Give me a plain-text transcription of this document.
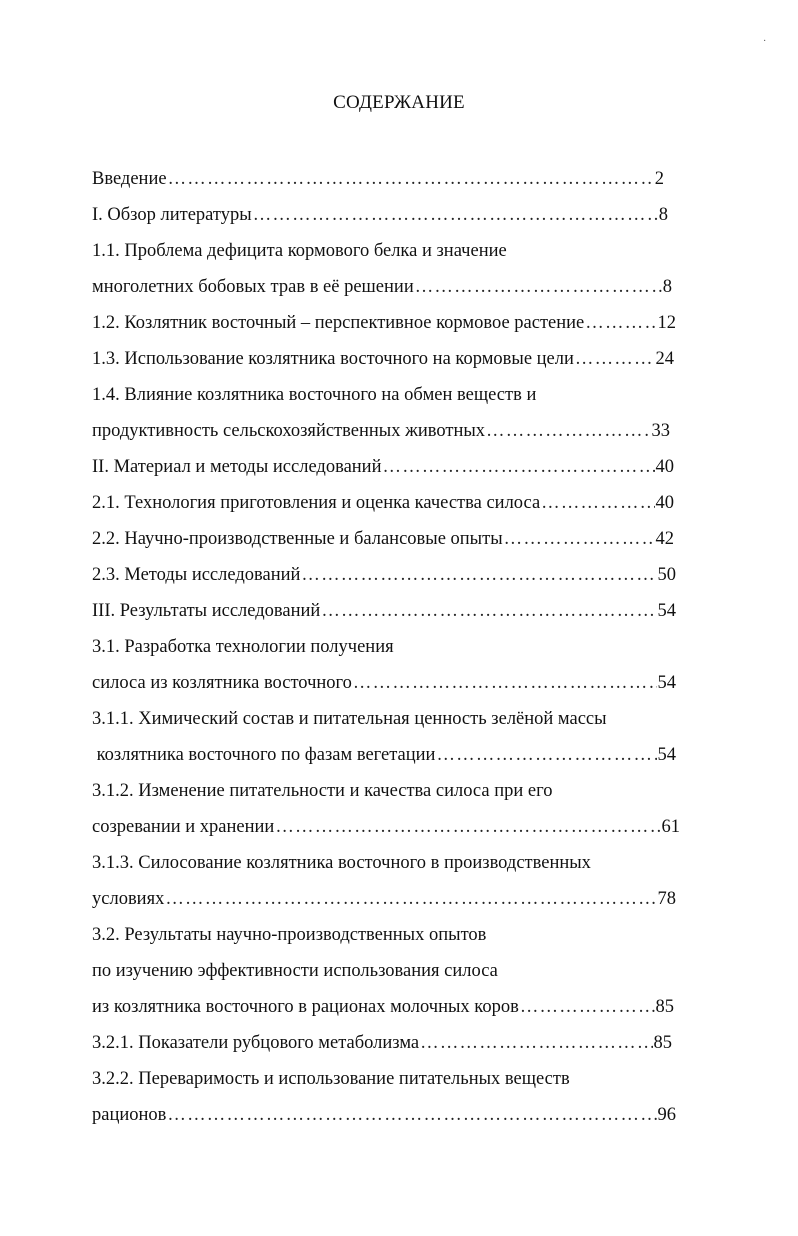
·
СОДЕРЖАНИЕ
Введение ……………………………………………………………………………………………………………………………………………………………………………………	2
I. Обзор литературы ……………………………………………………………………………………………………………………………………………………………………………………	8
1.1. Проблема дефицита кормового белка и значение
многолетних бобовых трав в её решении ……………………………………………………………………………………………………………………………………………………………………………………	8
1.2. Козлятник восточный – перспективное кормовое растение ……………………………………………………………………………………………………………………………………………………………………………………	12
1.3. Использование козлятника восточного на кормовые цели ……………………………………………………………………………………………………………………………………………………………………………………	24
1.4. Влияние козлятника восточного на обмен веществ и
продуктивность сельскохозяйственных животных ……………………………………………………………………………………………………………………………………………………………………………………	33
II. Материал и методы исследований ……………………………………………………………………………………………………………………………………………………………………………………	40
2.1. Технология приготовления и оценка качества силоса ……………………………………………………………………………………………………………………………………………………………………………………	40
2.2. Научно-производственные и балансовые опыты ……………………………………………………………………………………………………………………………………………………………………………………	42
2.3. Методы исследований ……………………………………………………………………………………………………………………………………………………………………………………	50
III. Результаты исследований ……………………………………………………………………………………………………………………………………………………………………………………	54
3.1. Разработка технологии получения
силоса из козлятника восточного ……………………………………………………………………………………………………………………………………………………………………………………	54
3.1.1. Химический состав и питательная ценность зелёной массы
козлятника восточного по фазам вегетации ……………………………………………………………………………………………………………………………………………………………………………………	54
3.1.2. Изменение питательности и качества силоса при его
созревании и хранении ……………………………………………………………………………………………………………………………………………………………………………………	61
3.1.3. Силосование козлятника восточного в производственных
условиях ……………………………………………………………………………………………………………………………………………………………………………………	78
3.2. Результаты научно-производственных опытов
по изучению эффективности использования силоса
из козлятника восточного в рационах молочных коров ……………………………………………………………………………………………………………………………………………………………………………………	85
3.2.1. Показатели рубцового метаболизма ……………………………………………………………………………………………………………………………………………………………………………………	85
3.2.2. Переваримость и использование питательных веществ
рационов ……………………………………………………………………………………………………………………………………………………………………………………	96
